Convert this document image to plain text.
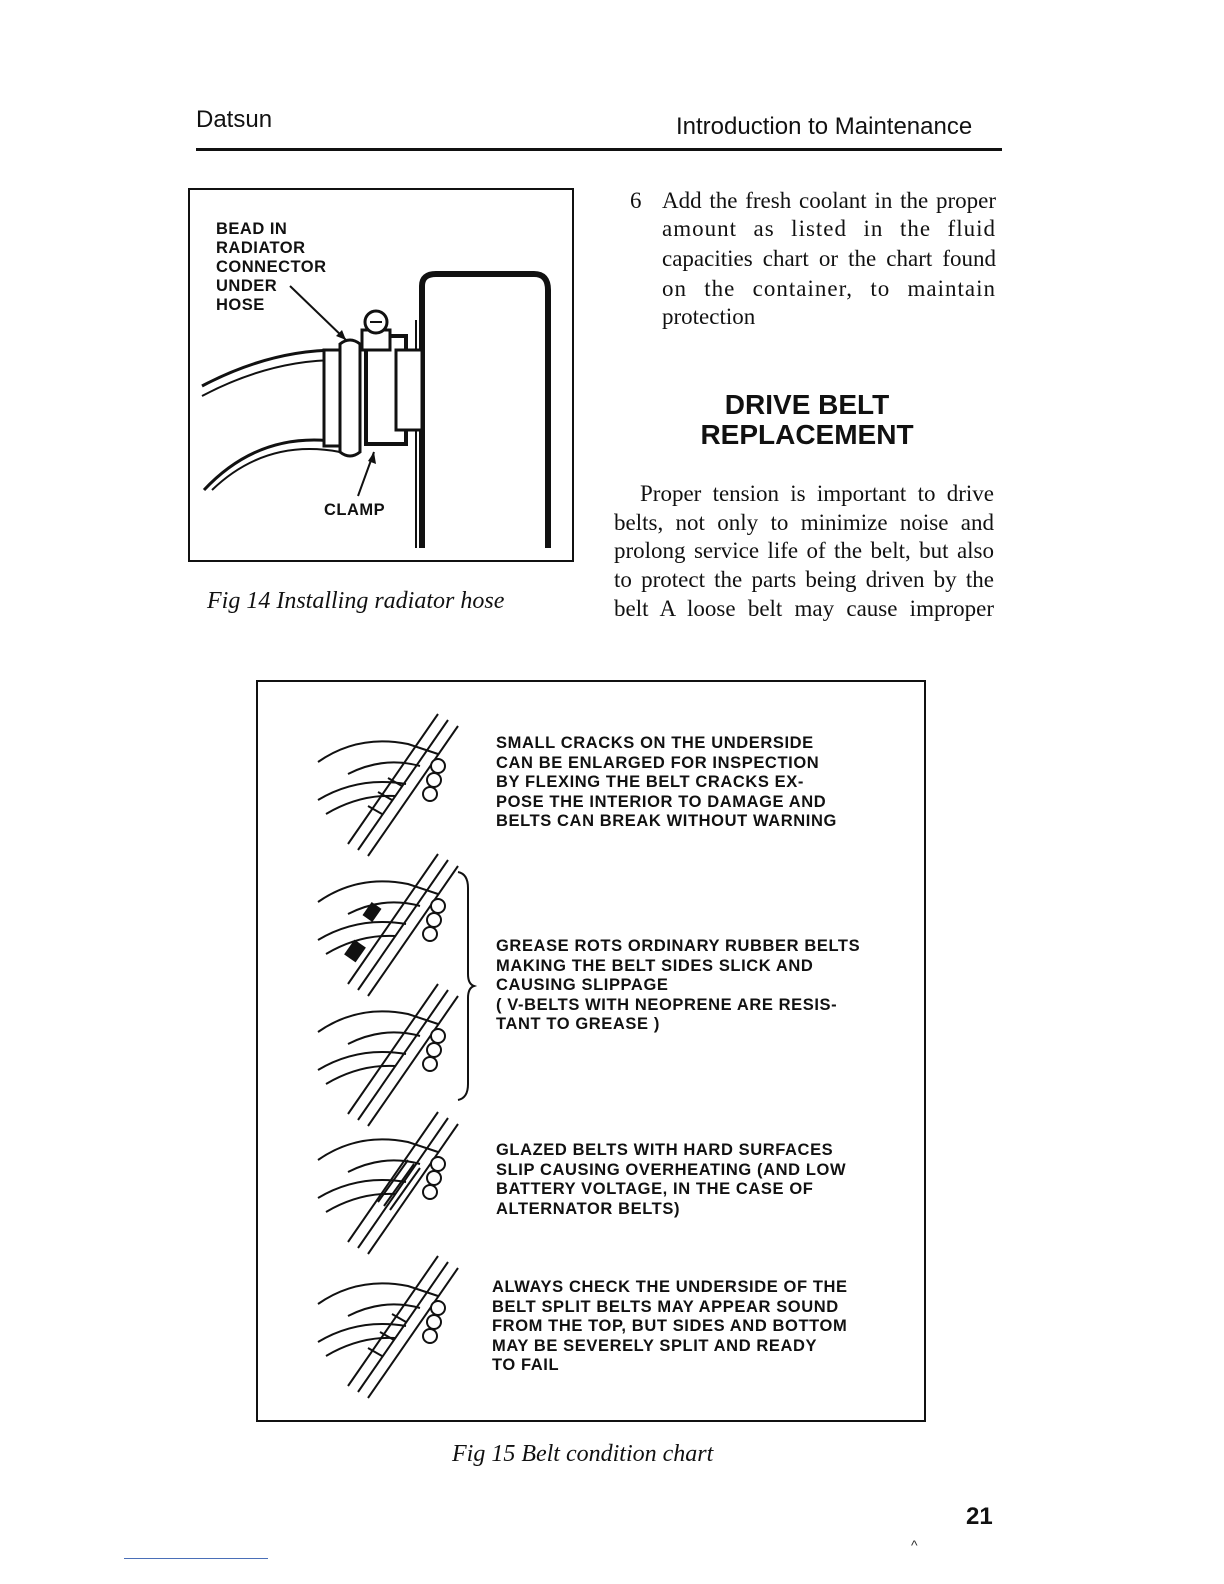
Datsun	Introduction to Maintenance
BEAD IN
RADIATOR
CONNECTOR
UNDER
HOSE
CLAMP
Fig 14 Installing radiator hose
6 Add the fresh coolant in the proper
amount as listed in the fluid
capacities chart or the chart found
on the container, to maintain
protection
DRIVE BELT
REPLACEMENT
Proper tension is important to drive
belts, not only to minimize noise and
prolong service life of the belt, but also
to protect the parts being driven by the
belt A loose belt may cause improper
SMALL CRACKS ON THE UNDERSIDE
CAN BE ENLARGED FOR INSPECTION
BY FLEXING THE BELT CRACKS EX-
POSE THE INTERIOR TO DAMAGE AND
BELTS CAN BREAK WITHOUT WARNING
GREASE ROTS ORDINARY RUBBER BELTS
MAKING THE BELT SIDES SLICK AND
CAUSING SLIPPAGE
( V-BELTS WITH NEOPRENE ARE RESIS-
TANT TO GREASE )
GLAZED BELTS WITH HARD SURFACES
SLIP CAUSING OVERHEATING (AND LOW
BATTERY VOLTAGE, IN THE CASE OF
ALTERNATOR BELTS)
ALWAYS CHECK THE UNDERSIDE OF THE
BELT SPLIT BELTS MAY APPEAR SOUND
FROM THE TOP, BUT SIDES AND BOTTOM
MAY BE SEVERELY SPLIT AND READY
TO FAIL
Fig 15 Belt condition chart
21
^
